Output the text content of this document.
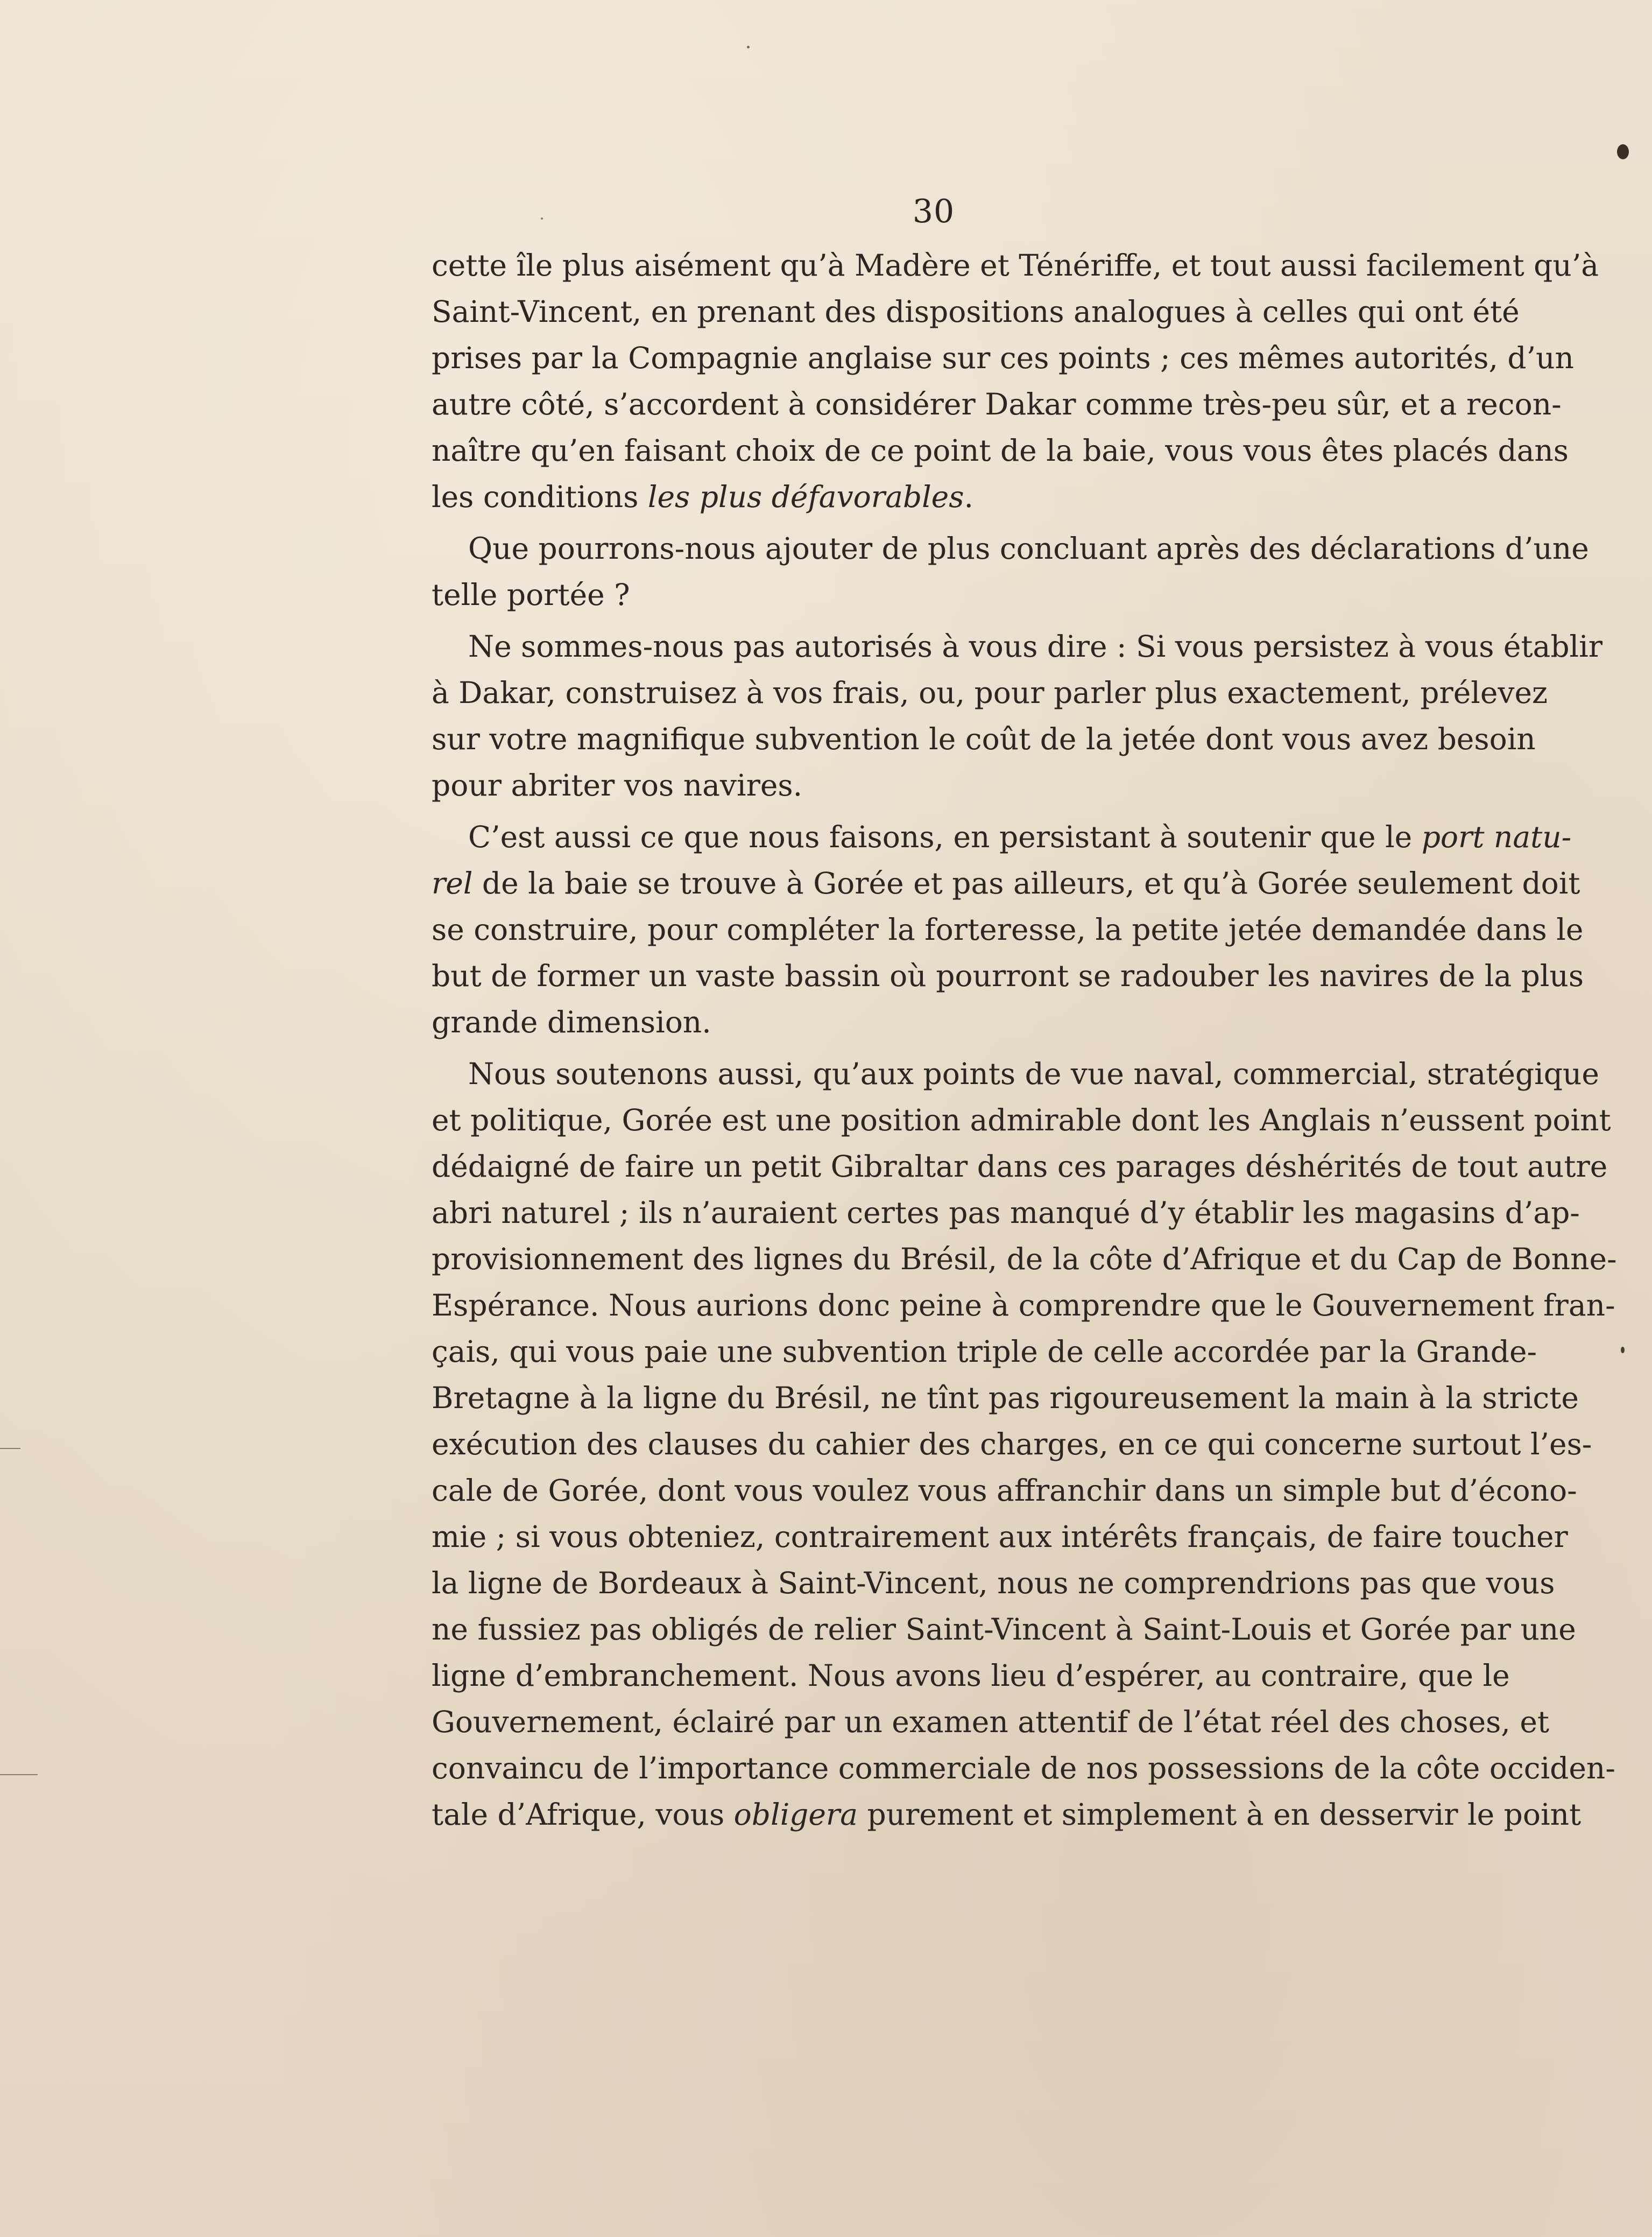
30
cette île plus aisément qu’à Madère et Ténériffe, et tout aussi facilement qu’à
Saint-Vincent, en prenant des dispositions analogues à celles qui ont été
prises par la Compagnie anglaise sur ces points ; ces mêmes autorités, d’un
autre côté, s’accordent à considérer Dakar comme très-peu sûr, et a recon-
naître qu’en faisant choix de ce point de la baie, vous vous êtes placés dans
les conditions les plus défavorables.
Que pourrons-nous ajouter de plus concluant après des déclarations d’une
telle portée ?
Ne sommes-nous pas autorisés à vous dire : Si vous persistez à vous établir
à Dakar, construisez à vos frais, ou, pour parler plus exactement, prélevez
sur votre magnifique subvention le coût de la jetée dont vous avez besoin
pour abriter vos navires.
C’est aussi ce que nous faisons, en persistant à soutenir que le port natu-
rel de la baie se trouve à Gorée et pas ailleurs, et qu’à Gorée seulement doit
se construire, pour compléter la forteresse, la petite jetée demandée dans le
but de former un vaste bassin où pourront se radouber les navires de la plus
grande dimension.
Nous soutenons aussi, qu’aux points de vue naval, commercial, stratégique
et politique, Gorée est une position admirable dont les Anglais n’eussent point
dédaigné de faire un petit Gibraltar dans ces parages déshérités de tout autre
abri naturel ; ils n’auraient certes pas manqué d’y établir les magasins d’ap-
provisionnement des lignes du Brésil, de la côte d’Afrique et du Cap de Bonne-
Espérance. Nous aurions donc peine à comprendre que le Gouvernement fran-
çais, qui vous paie une subvention triple de celle accordée par la Grande-
Bretagne à la ligne du Brésil, ne tînt pas rigoureusement la main à la stricte
exécution des clauses du cahier des charges, en ce qui concerne surtout l’es-
cale de Gorée, dont vous voulez vous affranchir dans un simple but d’écono-
mie ; si vous obteniez, contrairement aux intérêts français, de faire toucher
la ligne de Bordeaux à Saint-Vincent, nous ne comprendrions pas que vous
ne fussiez pas obligés de relier Saint-Vincent à Saint-Louis et Gorée par une
ligne d’embranchement. Nous avons lieu d’espérer, au contraire, que le
Gouvernement, éclairé par un examen attentif de l’état réel des choses, et
convaincu de l’importance commerciale de nos possessions de la côte occiden-
tale d’Afrique, vous obligera purement et simplement à en desservir le point
